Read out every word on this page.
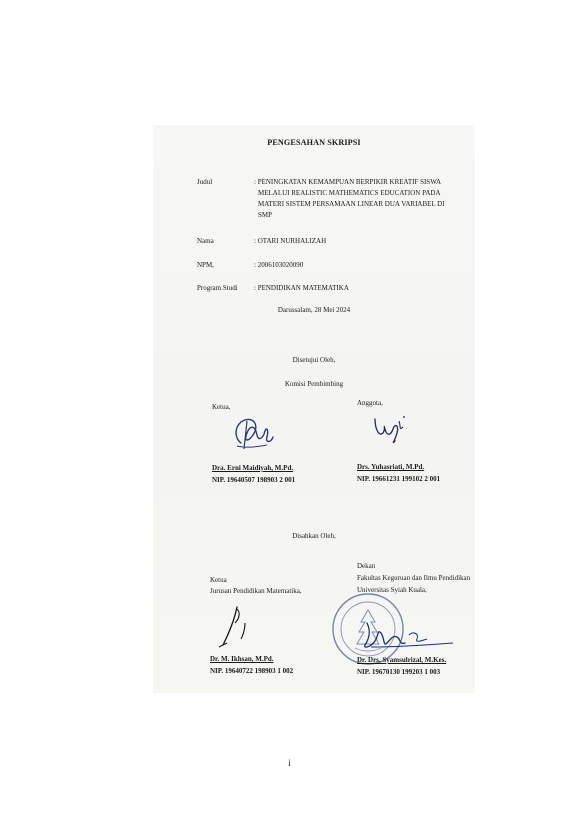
PENGESAHAN SKRIPSI
Judul	: PENINGKATAN KEMAMPUAN BERPIKIR KREATIF SISWA
MELALUI REALISTIC MATHEMATICS EDUCATION PADA
MATERI SISTEM PERSAMAAN LINEAR DUA VARIABEL DI
SMP
Nama	: OTARI NURHALIZAH
NPM,	: 2006103020090
Program Studi : PENDIDIKAN MATEMATIKA
Darussalam, 28 Mei 2024
Disetujui Oleh,
Komisi Pembimbing
Ketua,	Anggota,
Dra. Erni Maidiyah, M.Pd.
NIP. 19640507 198903 2 001
Drs. Yuhasriati, M.Pd.
NIP. 19661231 199102 2 001
Disahkan Oleh,
Dekan
Fakultas Keguruan dan Ilmu Pendidikan
Universitas Syiah Kuala,
Ketua
Jurusan Pendidikan Matematika,
Dr. M. Ikhsan, M.Pd.
NIP. 19640722 198903 1 002
Dr. Drs. Syamsulrizal, M.Kes.
NIP. 19670130 199203 1 003
i
